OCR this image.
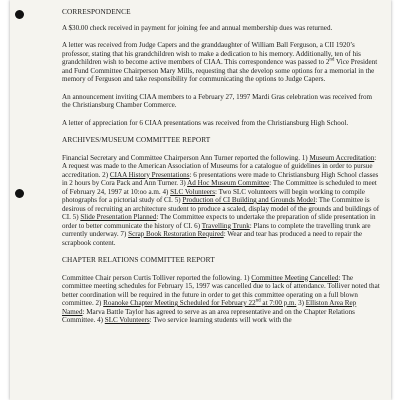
CORRESPONDENCE

A $30.00 check received in payment for joining fee and annual membership dues was returned.

A letter was received from Judge Capers and the granddaughter of William Ball Ferguson, a CII 1920’s professor, stating that his grandchildren wish to make a dedication to his memory. Additionally, ten of his grandchildren wish to become active members of CIAA. This correspondence was passed to 2nd Vice President and Fund Committee Chairperson Mary Mills, requesting that she develop some options for a memorial in the memory of Ferguson and take responsibility for communicating the options to Judge Capers.

An announcement inviting CIAA members to a February 27, 1997 Mardi Gras celebration was received from the Christiansburg Chamber Commerce.

A letter of appreciation for 6 CIAA presentations was received from the Christiansburg High School.

ARCHIVES/MUSEUM COMMITTEE REPORT

Financial Secretary and Committee Chairperson Ann Turner reported the following. 1) Museum Accreditation: A request was made to the American Association of Museums for a catalogue of guidelines in order to pursue accreditation. 2) CIAA History Presentations: 6 presentations were made to Christiansburg High School classes in 2 hours by Cora Pack and Ann Turner. 3) Ad Hoc Museum Committee: The Committee is scheduled to meet of February 24, 1997 at 10:oo a.m. 4) SLC Volunteers: Two SLC volunteers will begin working to compile photographs for a pictorial study of CI. 5) Production of CI Building and Grounds Model: The Committee is desirous of recruiting an architecture student to produce a scaled, display model of the grounds and buildings of CI. 5) Slide Presentation Planned: The Committee expects to undertake the preparation of slide presentation in order to better communicate the history of CI. 6) Travelling Trunk: Plans to complete the travelling trunk are currently underway. 7) Scrap Book Restoration Required: Wear and tear has produced a need to repair the scrapbook content.

CHAPTER RELATIONS COMMITTEE REPORT

Committee Chair person Curtis Tolliver reported the following. 1) Committee Meeting Cancelled: The committee meeting schedules for February 15, 1997 was cancelled due to lack of attendance. Tolliver noted that better coordination will be required in the future in order to get this committee operating on a full blown committee. 2) Roanoke Chapter Meeting Scheduled for February 22nd at 7:00 p.m. 3) Elliston Area Rep Named: Marva Battle Taylor has agreed to serve as an area representative and on the Chapter Relations Committee. 4) SLC Volunteers: Two service learning students will work with the
